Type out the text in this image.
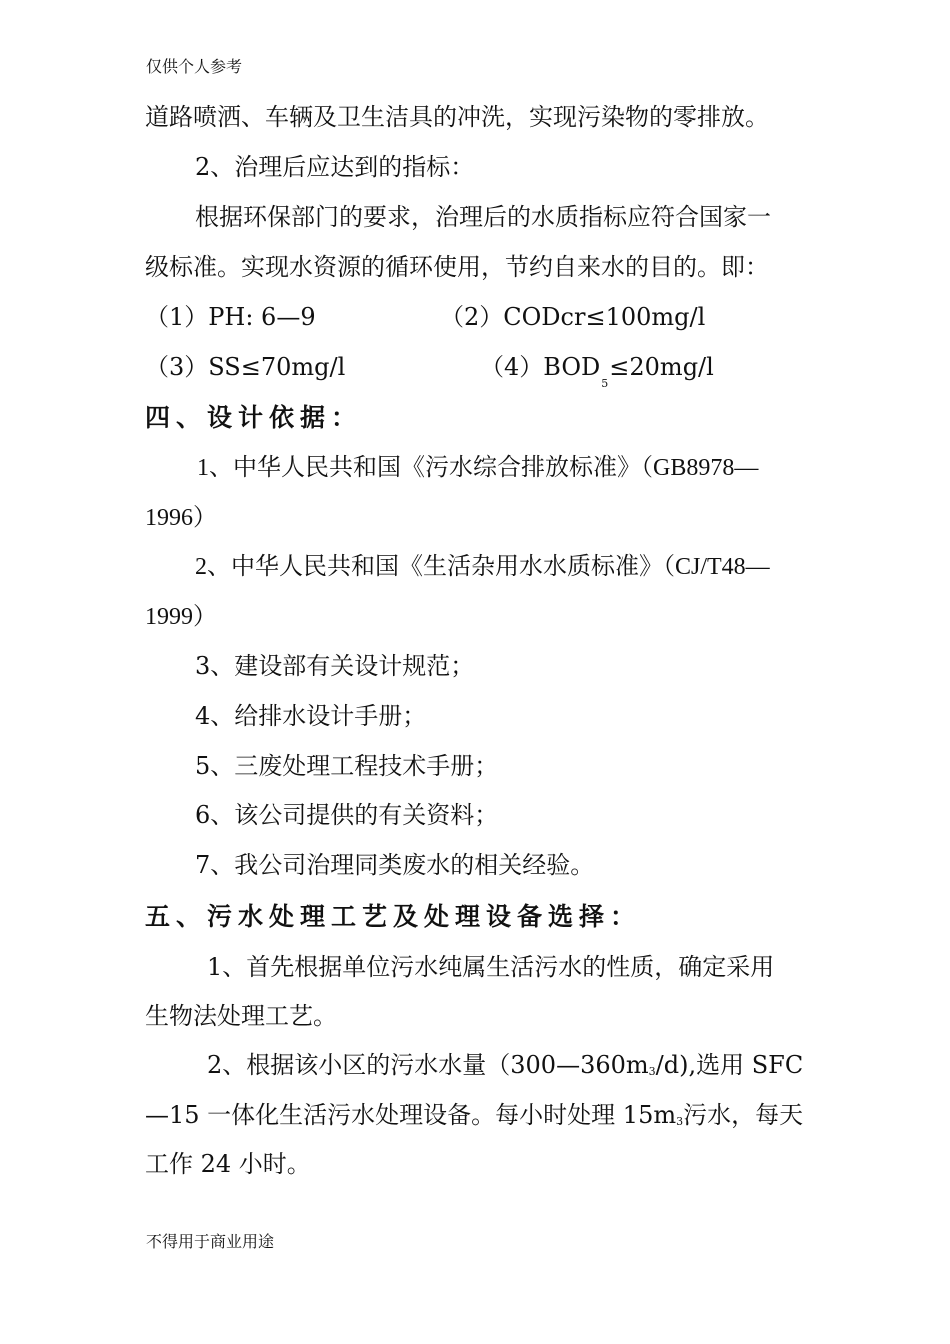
仅供个人参考
道路喷洒、车辆及卫生洁具的冲洗，实现污染物的零排放。
2、治理后应达到的指标：
根据环保部门的要求，治理后的水质指标应符合国家一
级标准。实现水资源的循环使用，节约自来水的目的。即：
（1）PH: 6—9	（2）CODcr≤100mg/l
（3）SS≤70mg/l	$(4)BOD_5\le 20mg/l$
四、设计依据：
1、中华人民共和国《污水综合排放标准》（GB8978—
1996）
2、中华人民共和国《生活杂用水水质标准》（CJ/T48—
1999）
3、建设部有关设计规范；
4、给排水设计手册；
5、三废处理工程技术手册；
6、该公司提供的有关资料；
7、我公司治理同类废水的相关经验。
五、污水处理工艺及处理设备选择：
1、首先根据单位污水纯属生活污水的性质，确定采用
生物法处理工艺。
2、根据该小区的污水水量（300—360m3/d),选用 SFC
—15 一体化生活污水处理设备。每小时处理 15m3污水，每天
工作 24 小时。
不得用于商业用途
